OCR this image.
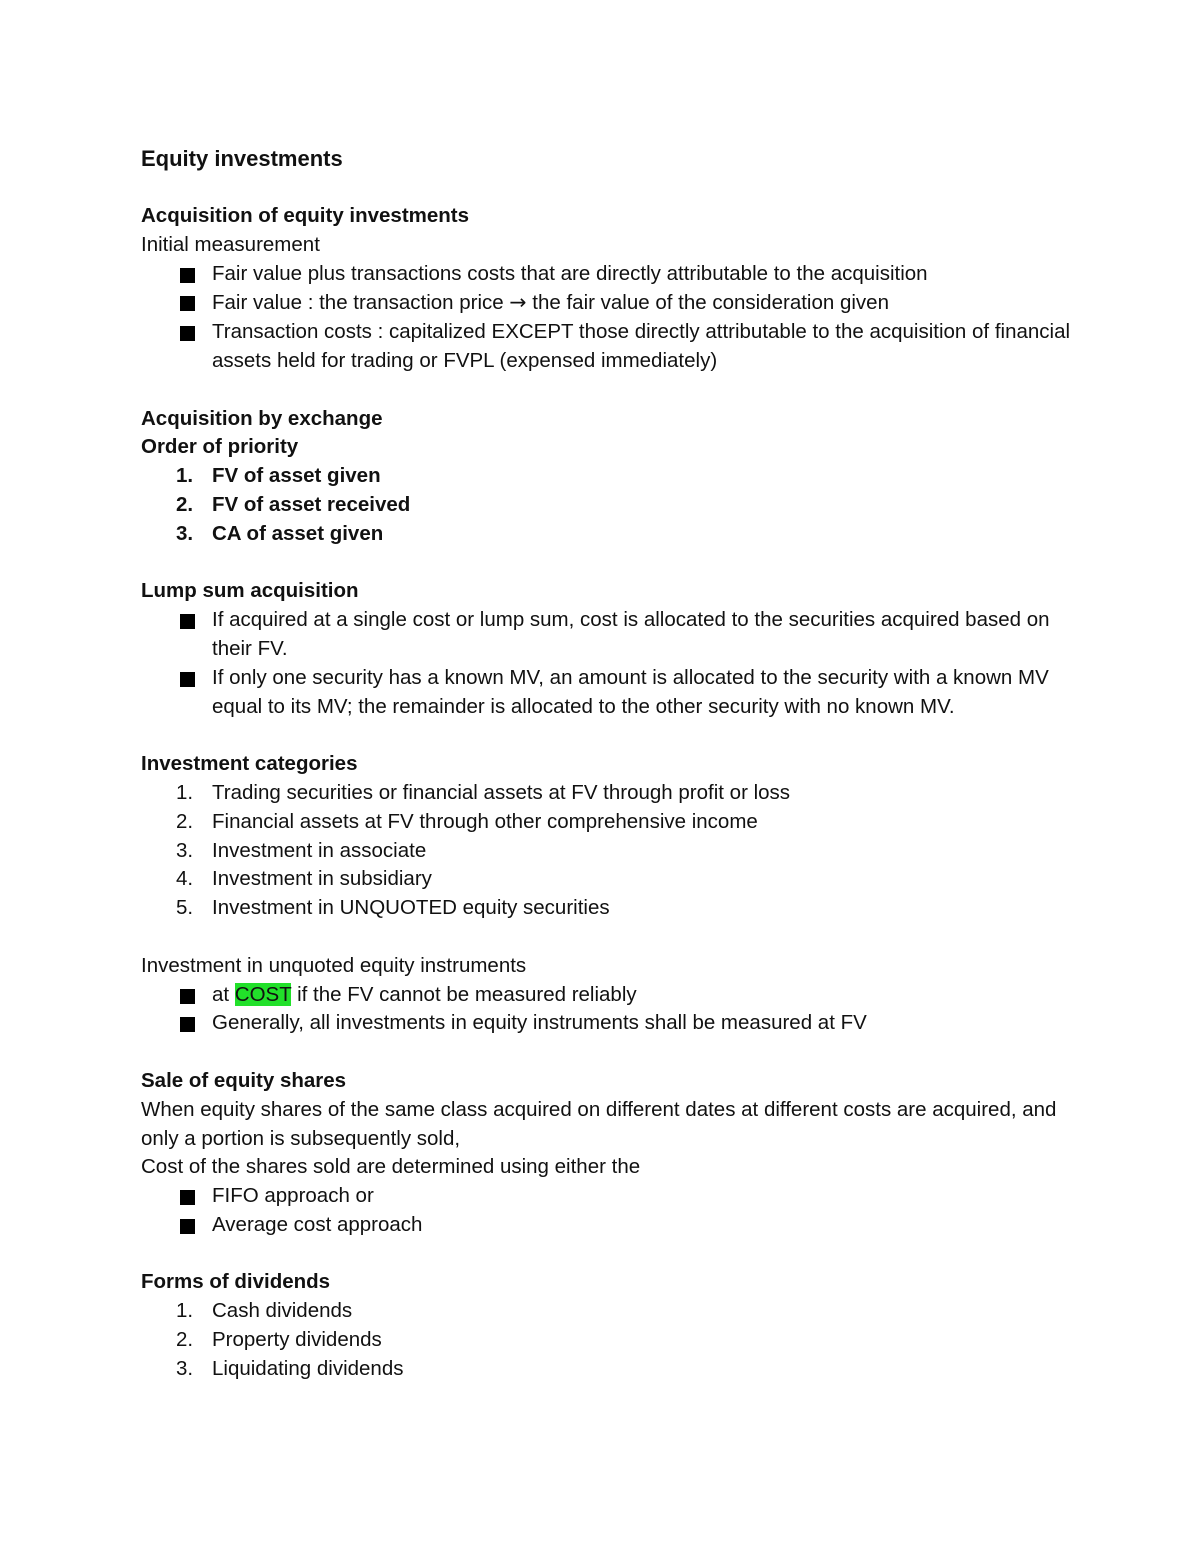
Equity investments
Acquisition of equity investments
Initial measurement
Fair value plus transactions costs that are directly attributable to the acquisition
Fair value : the transaction price → the fair value of the consideration given
Transaction costs : capitalized EXCEPT those directly attributable to the acquisition of financial assets held for trading or FVPL (expensed immediately)
Acquisition by exchange
Order of priority
1. FV of asset given
2. FV of asset received
3. CA of asset given
Lump sum acquisition
If acquired at a single cost or lump sum, cost is allocated to the securities acquired based on their FV.
If only one security has a known MV, an amount is allocated to the security with a known MV equal to its MV; the remainder is allocated to the other security with no known MV.
Investment categories
1. Trading securities or financial assets at FV through profit or loss
2. Financial assets at FV through other comprehensive income
3. Investment in associate
4. Investment in subsidiary
5. Investment in UNQUOTED equity securities
Investment in unquoted equity instruments
at COST if the FV cannot be measured reliably
Generally, all investments in equity instruments shall be measured at FV
Sale of equity shares
When equity shares of the same class acquired on different dates at different costs are acquired, and only a portion is subsequently sold,
Cost of the shares sold are determined using either the
FIFO approach or
Average cost approach
Forms of dividends
1. Cash dividends
2. Property dividends
3. Liquidating dividends
